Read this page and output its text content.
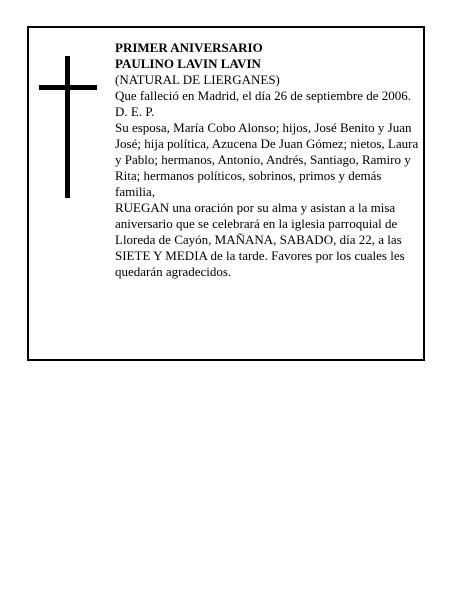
PRIMER ANIVERSARIO

PAULINO LAVIN LAVIN

(NATURAL DE LIERGANES)

Que falleció en Madrid, el día 26 de septiembre de 2006.

D. E. P.

Su esposa, María Cobo Alonso; hijos, José Benito y Juan José; hija política, Azucena De Juan Gómez; nietos, Laura y Pablo; hermanos, Antonio, Andrés, Santiago, Ramiro y Rita; hermanos políticos, sobrinos, primos y demás familia,

RUEGAN una oración por su alma y asistan a la misa aniversario que se celebrará en la iglesia parroquial de Lloreda de Cayón, MAÑANA, SABADO, día 22, a las SIETE Y MEDIA de la tarde. Favores por los cuales les quedarán agradecidos.
